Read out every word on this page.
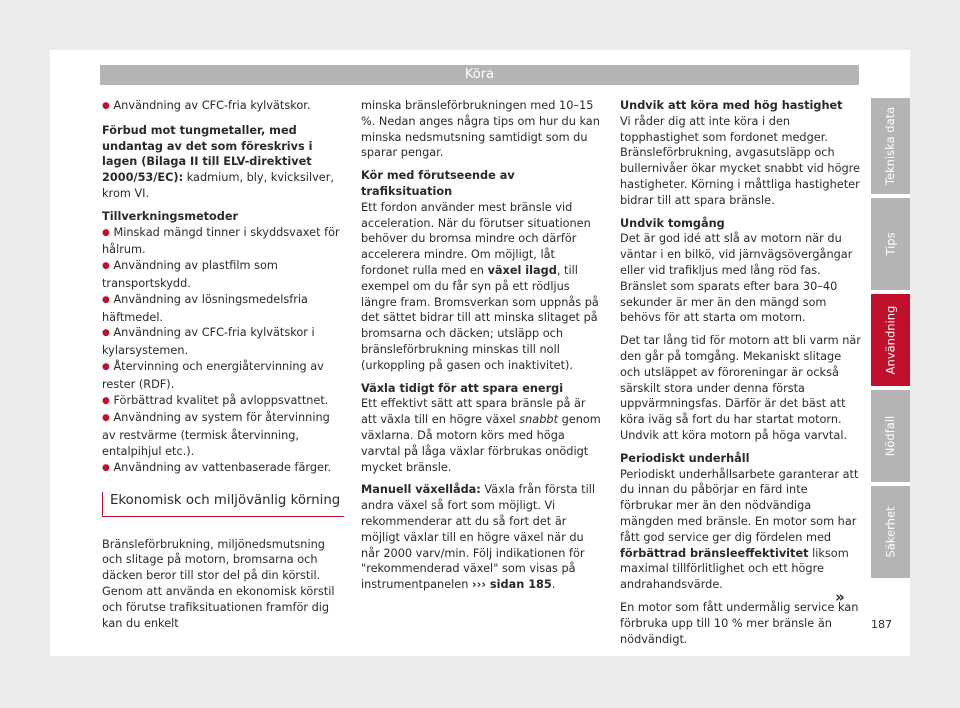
Köra

● Användning av CFC-fria kylvätskor.

Förbud mot tungmetaller, med undantag av det som föreskrivs i lagen (Bilaga II till ELV-direktivet 2000/53/EC): kadmium, bly, kvicksilver, krom VI.

Tillverkningsmetoder

● Minskad mängd tinner i skyddsvaxet för hålrum.

● Användning av plastfilm som transportskydd.

● Användning av lösningsmedelsfria häftmedel.

● Användning av CFC-fria kylvätskor i kylarsystemen.

● Återvinning och energiåtervinning av rester (RDF).

● Förbättrad kvalitet på avloppsvattnet.

● Användning av system för återvinning av restvärme (termisk återvinning, entalpihjul etc.).

● Användning av vattenbaserade färger.

Ekonomisk och miljövänlig körning

Bränsleförbrukning, miljönedsmutsning och slitage på motorn, bromsarna och däcken beror till stor del på din körstil. Genom att använda en ekonomisk körstil och förutse trafiksituationen framför dig kan du enkelt

minska bränsleförbrukningen med 10–15 %. Nedan anges några tips om hur du kan minska nedsmutsning samtidigt som du sparar pengar.

Kör med förutseende av trafiksituation

Ett fordon använder mest bränsle vid acceleration. När du förutser situationen behöver du bromsa mindre och därför accelerera mindre. Om möjligt, låt fordonet rulla med en växel ilagd, till exempel om du får syn på ett rödljus längre fram. Bromsverkan som uppnås på det sättet bidrar till att minska slitaget på bromsarna och däcken; utsläpp och bränsleförbrukning minskas till noll (urkoppling på gasen och inaktivitet).

Växla tidigt för att spara energi

Ett effektivt sätt att spara bränsle på är att växla till en högre växel snabbt genom växlarna. Då motorn körs med höga varvtal på låga växlar förbrukas onödigt mycket bränsle.

Manuell växellåda: Växla från första till andra växel så fort som möjligt. Vi rekommenderar att du så fort det är möjligt växlar till en högre växel när du når 2000 varv/min. Följ indikationen för "rekommenderad växel" som visas på instrumentpanelen ››› sidan 185.

Undvik att köra med hög hastighet

Vi råder dig att inte köra i den topphastighet som fordonet medger. Bränsleförbrukning, avgasutsläpp och bullernivåer ökar mycket snabbt vid högre hastigheter. Körning i måttliga hastigheter bidrar till att spara bränsle.

Undvik tomgång

Det är god idé att slå av motorn när du väntar i en bilkö, vid järnvägsövergångar eller vid trafikljus med lång röd fas. Bränslet som sparats efter bara 30–40 sekunder är mer än den mängd som behövs för att starta om motorn.

Det tar lång tid för motorn att bli varm när den går på tomgång. Mekaniskt slitage och utsläppet av föroreningar är också särskilt stora under denna första uppvärmningsfas. Därför är det bäst att köra iväg så fort du har startat motorn. Undvik att köra motorn på höga varvtal.

Periodiskt underhåll

Periodiskt underhållsarbete garanterar att du innan du påbörjar en färd inte förbrukar mer än den nödvändiga mängden med bränsle. En motor som har fått god service ger dig fördelen med förbättrad bränsleeffektivitet liksom maximal tillförlitlighet och ett högre andrahandsvärde.

En motor som fått undermålig service kan förbruka upp till 10 % mer bränsle än nödvändigt.

»
187
Tekniska data
Tips
Användning
Nödfall
Säkerhet
